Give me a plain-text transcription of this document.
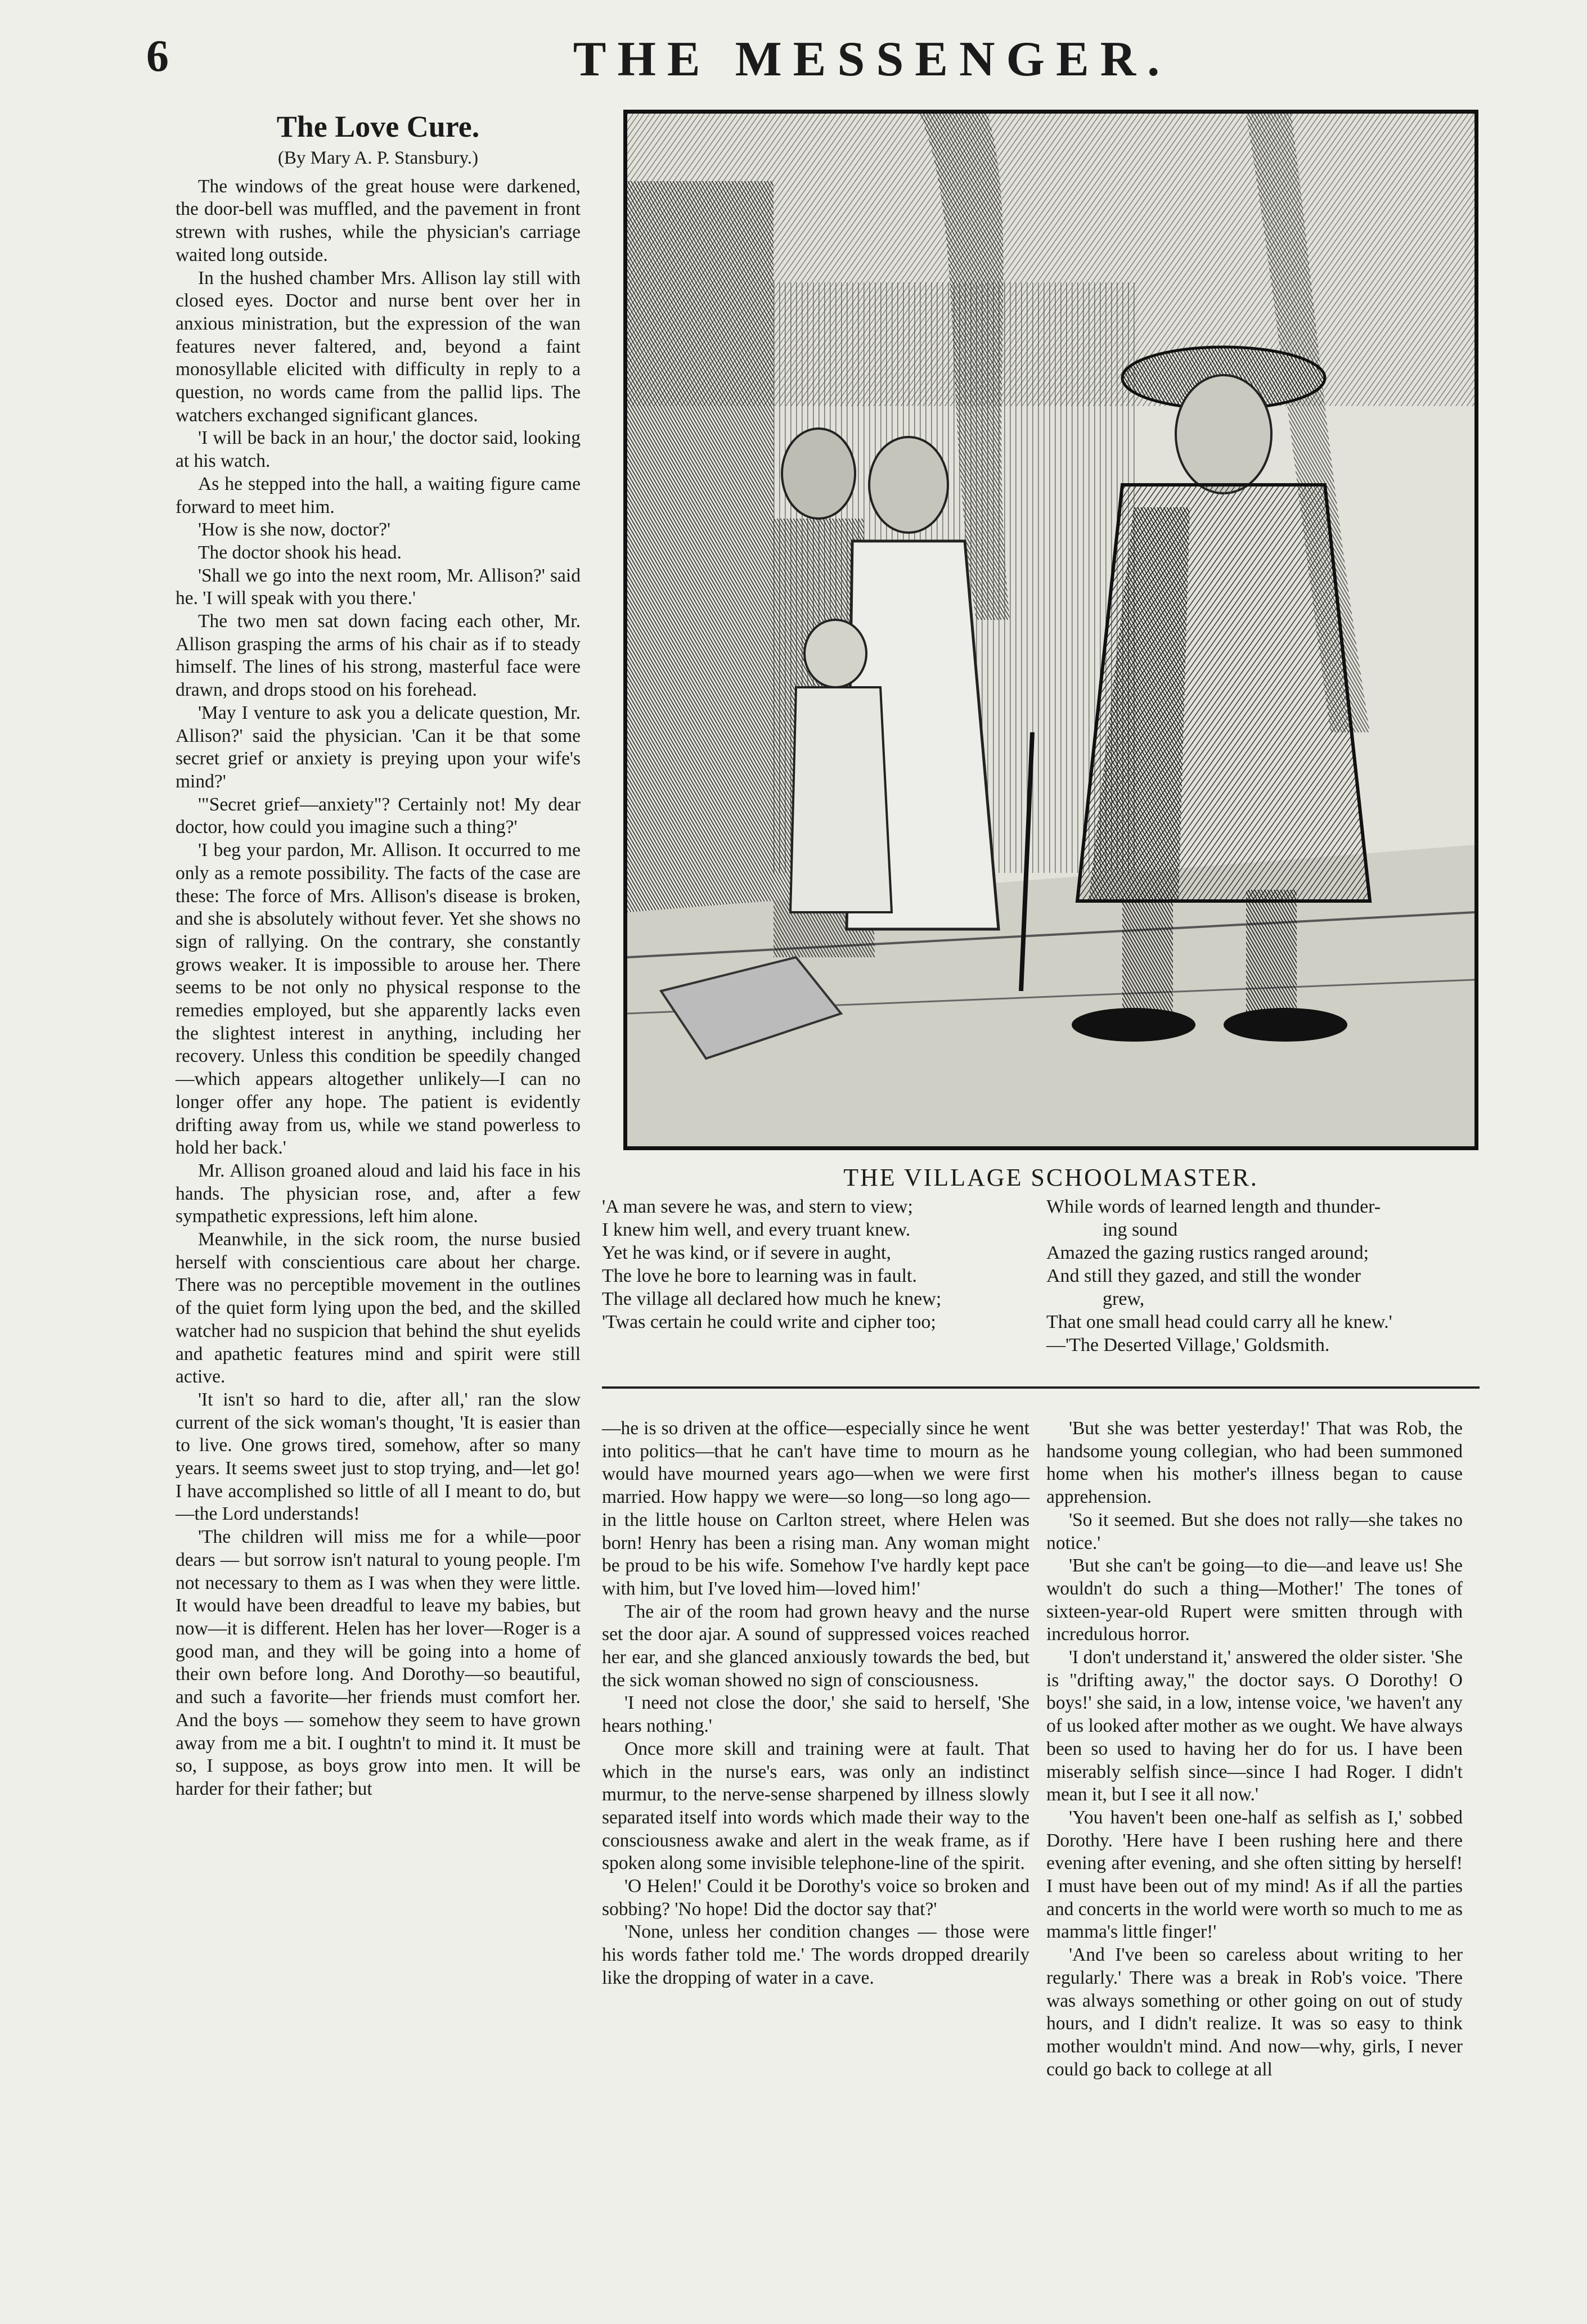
6	THE MESSENGER.
The Love Cure.
(By Mary A. P. Stansbury.)

The windows of the great house were darkened, the door-bell was muffled, and the pavement in front strewn with rushes, while the physician's carriage waited long outside.

In the hushed chamber Mrs. Allison lay still with closed eyes. Doctor and nurse bent over her in anxious ministration, but the expression of the wan features never faltered, and, beyond a faint monosyllable elicited with difficulty in reply to a question, no words came from the pallid lips. The watchers exchanged significant glances.

'I will be back in an hour,' the doctor said, looking at his watch.

As he stepped into the hall, a waiting figure came forward to meet him.

'How is she now, doctor?'

The doctor shook his head.

'Shall we go into the next room, Mr. Allison?' said he. 'I will speak with you there.'

The two men sat down facing each other, Mr. Allison grasping the arms of his chair as if to steady himself. The lines of his strong, masterful face were drawn, and drops stood on his forehead.

'May I venture to ask you a delicate question, Mr. Allison?' said the physician. 'Can it be that some secret grief or anxiety is preying upon your wife's mind?'

'"Secret grief—anxiety"? Certainly not! My dear doctor, how could you imagine such a thing?'

'I beg your pardon, Mr. Allison. It occurred to me only as a remote possibility. The facts of the case are these: The force of Mrs. Allison's disease is broken, and she is absolutely without fever. Yet she shows no sign of rallying. On the contrary, she constantly grows weaker. It is impossible to arouse her. There seems to be not only no physical response to the remedies employed, but she apparently lacks even the slightest interest in anything, including her recovery. Unless this condition be speedily changed—which appears altogether unlikely—I can no longer offer any hope. The patient is evidently drifting away from us, while we stand powerless to hold her back.'

Mr. Allison groaned aloud and laid his face in his hands. The physician rose, and, after a few sympathetic expressions, left him alone.

Meanwhile, in the sick room, the nurse busied herself with conscientious care about her charge. There was no perceptible movement in the outlines of the quiet form lying upon the bed, and the skilled watcher had no suspicion that behind the shut eyelids and apathetic features mind and spirit were still active.

'It isn't so hard to die, after all,' ran the slow current of the sick woman's thought, 'It is easier than to live. One grows tired, somehow, after so many years. It seems sweet just to stop trying, and—let go! I have accomplished so little of all I meant to do, but—the Lord understands!

'The children will miss me for a while—poor dears — but sorrow isn't natural to young people. I'm not necessary to them as I was when they were little. It would have been dreadful to leave my babies, but now—it is different. Helen has her lover—Roger is a good man, and they will be going into a home of their own before long. And Dorothy—so beautiful, and such a favorite—her friends must comfort her. And the boys — somehow they seem to have grown away from me a bit. I oughtn't to mind it. It must be so, I suppose, as boys grow into men. It will be harder for their father; but

THE VILLAGE SCHOOLMASTER.
'A man severe he was, and stern to view;
I knew him well, and every truant knew.
Yet he was kind, or if severe in aught,
The love he bore to learning was in fault.
The village all declared how much he knew;
'Twas certain he could write and cipher too;
While words of learned length and thunder-
ing sound
Amazed the gazing rustics ranged around;
And still they gazed, and still the wonder
grew,
That one small head could carry all he knew.'
—'The Deserted Village,' Goldsmith.

—he is so driven at the office—especially since he went into politics—that he can't have time to mourn as he would have mourned years ago—when we were first married. How happy we were—so long—so long ago—in the little house on Carlton street, where Helen was born! Henry has been a rising man. Any woman might be proud to be his wife. Somehow I've hardly kept pace with him, but I've loved him—loved him!'

The air of the room had grown heavy and the nurse set the door ajar. A sound of suppressed voices reached her ear, and she glanced anxiously towards the bed, but the sick woman showed no sign of consciousness.

'I need not close the door,' she said to herself, 'She hears nothing.'

Once more skill and training were at fault. That which in the nurse's ears, was only an indistinct murmur, to the nerve-sense sharpened by illness slowly separated itself into words which made their way to the consciousness awake and alert in the weak frame, as if spoken along some invisible telephone-line of the spirit.

'O Helen!' Could it be Dorothy's voice so broken and sobbing? 'No hope! Did the doctor say that?'

'None, unless her condition changes — those were his words father told me.' The words dropped drearily like the dropping of water in a cave.

'But she was better yesterday!' That was Rob, the handsome young collegian, who had been summoned home when his mother's illness began to cause apprehension.

'So it seemed. But she does not rally—she takes no notice.'

'But she can't be going—to die—and leave us! She wouldn't do such a thing—Mother!' The tones of sixteen-year-old Rupert were smitten through with incredulous horror.

'I don't understand it,' answered the older sister. 'She is "drifting away," the doctor says. O Dorothy! O boys!' she said, in a low, intense voice, 'we haven't any of us looked after mother as we ought. We have always been so used to having her do for us. I have been miserably selfish since—since I had Roger. I didn't mean it, but I see it all now.'

'You haven't been one-half as selfish as I,' sobbed Dorothy. 'Here have I been rushing here and there evening after evening, and she often sitting by herself! I must have been out of my mind! As if all the parties and concerts in the world were worth so much to me as mamma's little finger!'

'And I've been so careless about writing to her regularly.' There was a break in Rob's voice. 'There was always something or other going on out of study hours, and I didn't realize. It was so easy to think mother wouldn't mind. And now—why, girls, I never could go back to college at all
